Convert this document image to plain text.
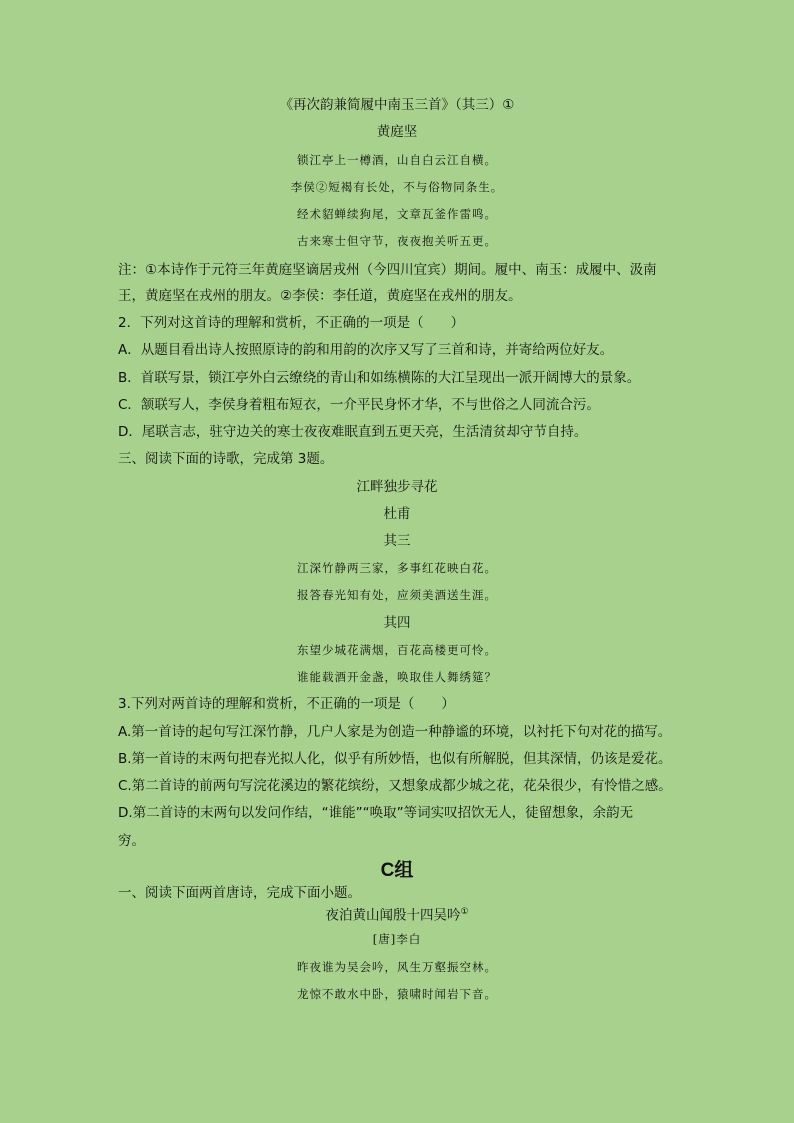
《再次韵兼简履中南玉三首》（其三）①
黄庭坚
锁江亭上一樽酒，山自白云江自横。
李侯②短褐有长处，不与俗物同条生。
经术貂蝉续狗尾，文章瓦釜作雷鸣。
古来寒士但守节，夜夜抱关听五更。
注：①本诗作于元符三年黄庭坚谪居戎州（今四川宜宾）期间。履中、南玉：成履中、汲南
王，黄庭坚在戎州的朋友。②李侯：李任道，黄庭坚在戎州的朋友。
2．下列对这首诗的理解和赏析，不正确的一项是（　　）
A．从题目看出诗人按照原诗的韵和用韵的次序又写了三首和诗，并寄给两位好友。
B．首联写景，锁江亭外白云缭绕的青山和如练横陈的大江呈现出一派开阔博大的景象。
C．颔联写人，李侯身着粗布短衣，一介平民身怀才华，不与世俗之人同流合污。
D．尾联言志，驻守边关的寒士夜夜难眠直到五更天亮，生活清贫却守节自持。
三、阅读下面的诗歌，完成第 3题。
江畔独步寻花
杜甫
其三
江深竹静两三家，多事红花映白花。
报答春光知有处，应须美酒送生涯。
其四
东望少城花满烟，百花高楼更可怜。
谁能载酒开金盏，唤取佳人舞绣筵？
3.下列对两首诗的理解和赏析，不正确的一项是（　　）
A.第一首诗的起句写江深竹静，几户人家是为创造一种静谧的环境，以衬托下句对花的描写。
B.第一首诗的末两句把春光拟人化，似乎有所妙悟，也似有所解脱，但其深情，仍该是爱花。
C.第二首诗的前两句写浣花溪边的繁花缤纷，又想象成都少城之花，花朵很少，有怜惜之感。
D.第二首诗的末两句以发问作结，“谁能”“唤取”等词实叹招饮无人，徒留想象，余韵无
穷。
C组
一、阅读下面两首唐诗，完成下面小题。
夜泊黄山闻殷十四吴吟①
[唐]李白
昨夜谁为吴会吟，风生万壑振空林。
龙惊不敢水中卧，猿啸时闻岩下音。
